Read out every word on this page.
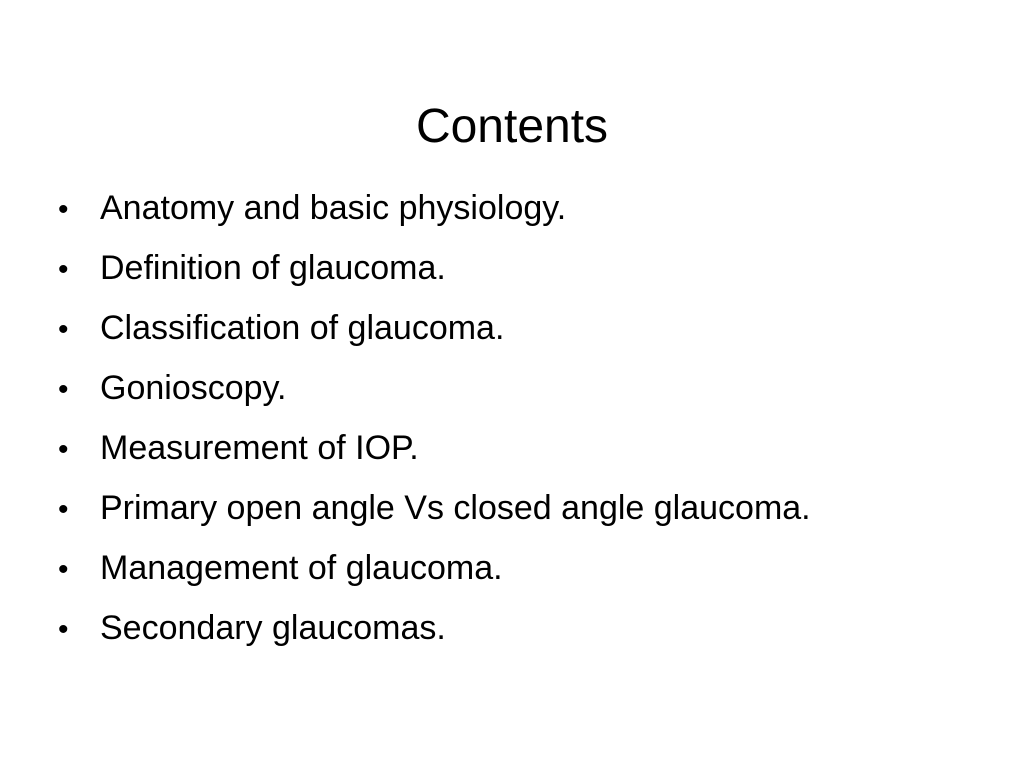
Contents
• Anatomy and basic physiology.
• Definition of glaucoma.
• Classification of glaucoma.
• Gonioscopy.
• Measurement of IOP.
• Primary open angle Vs closed angle glaucoma.
• Management of glaucoma.
• Secondary glaucomas.
